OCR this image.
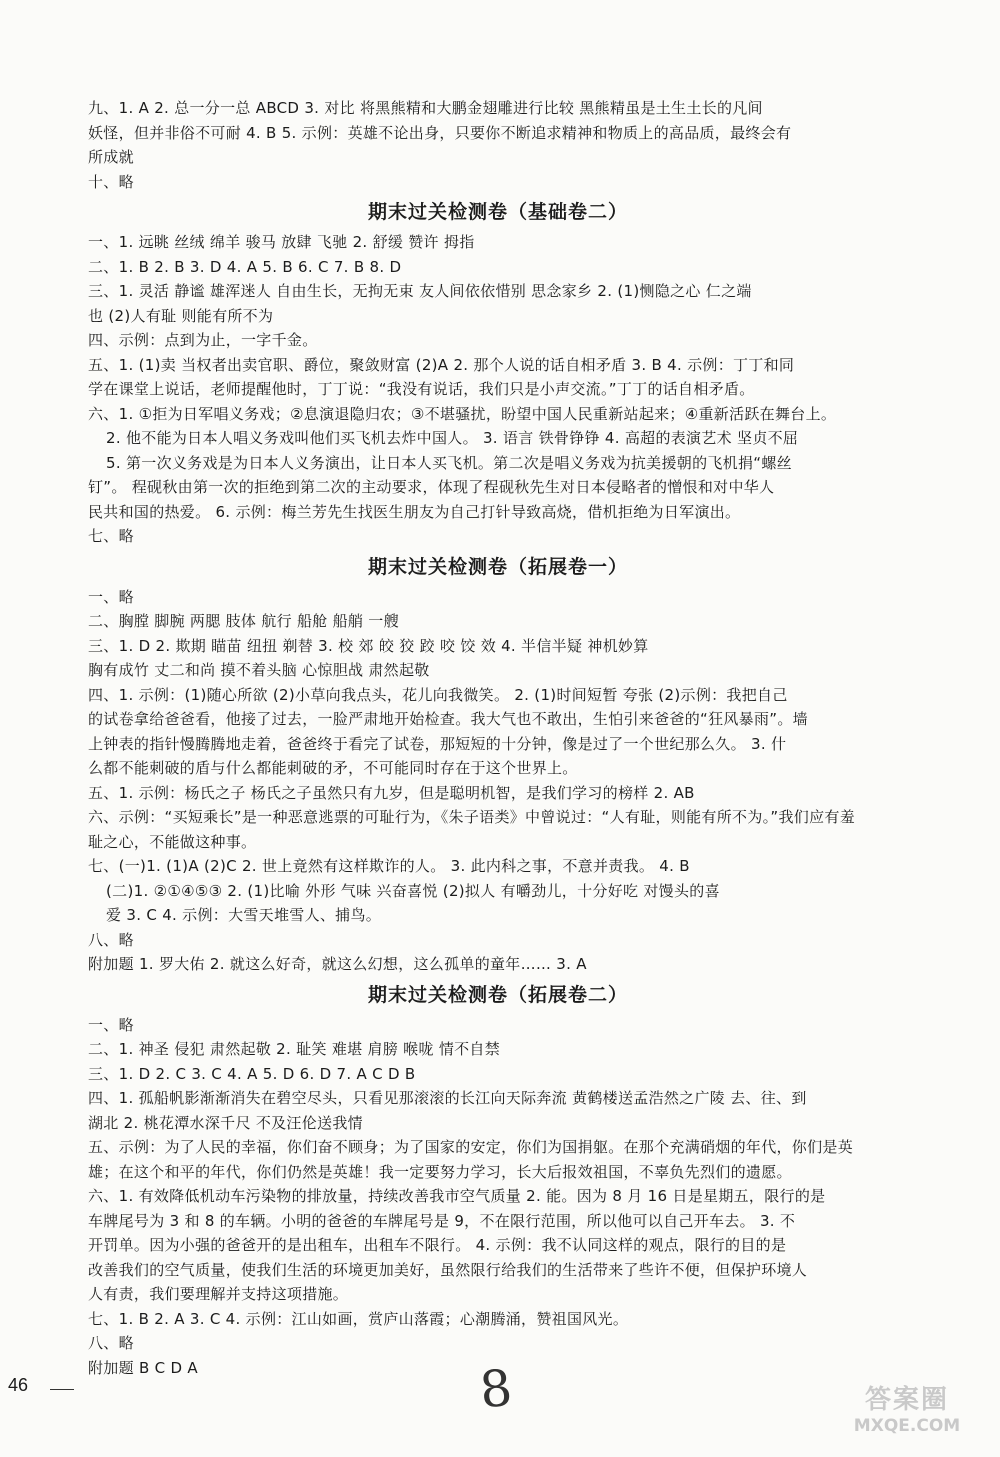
九、1. A 2. 总一分一总 ABCD 3. 对比 将黑熊精和大鹏金翅雕进行比较 黑熊精虽是土生土长的凡间
妖怪，但并非俗不可耐 4. B 5. 示例：英雄不论出身，只要你不断追求精神和物质上的高品质，最终会有
所成就
十、略
期末过关检测卷（基础卷二）
一、1. 远眺 丝绒 绵羊 骏马 放肆 飞驰 2. 舒缓 赞许 拇指
二、1. B 2. B 3. D 4. A 5. B 6. C 7. B 8. D
三、1. 灵活 静谧 雄浑迷人 自由生长，无拘无束 友人间依依惜别 思念家乡 2. (1)恻隐之心 仁之端
也 (2)人有耻 则能有所不为
四、示例：点到为止，一字千金。
五、1. (1)卖 当权者出卖官职、爵位，聚敛财富 (2)A 2. 那个人说的话自相矛盾 3. B 4. 示例：丁丁和同
学在课堂上说话，老师提醒他时，丁丁说：“我没有说话，我们只是小声交流。”丁丁的话自相矛盾。
六、1. ①拒为日军唱义务戏；②息演退隐归农；③不堪骚扰，盼望中国人民重新站起来；④重新活跃在舞台上。
2. 他不能为日本人唱义务戏叫他们买飞机去炸中国人。 3. 语言 铁骨铮铮 4. 高超的表演艺术 坚贞不屈
5. 第一次义务戏是为日本人义务演出，让日本人买飞机。第二次是唱义务戏为抗美援朝的飞机捐“螺丝
钉”。 程砚秋由第一次的拒绝到第二次的主动要求，体现了程砚秋先生对日本侵略者的憎恨和对中华人
民共和国的热爱。 6. 示例：梅兰芳先生找医生朋友为自己打针导致高烧，借机拒绝为日军演出。
七、略
期末过关检测卷（拓展卷一）
一、略
二、胸膛 脚腕 两腮 肢体 航行 船舱 船艄 一艘
三、1. D 2. 欺期 瞄苗 纽扭 剃替 3. 校 郊 皎 狡 跤 咬 饺 效 4. 半信半疑 神机妙算
胸有成竹 丈二和尚 摸不着头脑 心惊胆战 肃然起敬
四、1. 示例：(1)随心所欲 (2)小草向我点头，花儿向我微笑。 2. (1)时间短暂 夸张 (2)示例：我把自己
的试卷拿给爸爸看，他接了过去，一脸严肃地开始检查。我大气也不敢出，生怕引来爸爸的“狂风暴雨”。墙
上钟表的指针慢腾腾地走着，爸爸终于看完了试卷，那短短的十分钟，像是过了一个世纪那么久。 3. 什
么都不能刺破的盾与什么都能刺破的矛，不可能同时存在于这个世界上。
五、1. 示例：杨氏之子 杨氏之子虽然只有九岁，但是聪明机智，是我们学习的榜样 2. AB
六、示例：“买短乘长”是一种恶意逃票的可耻行为，《朱子语类》中曾说过：“人有耻，则能有所不为。”我们应有羞
耻之心，不能做这种事。
七、(一)1. (1)A (2)C 2. 世上竟然有这样欺诈的人。 3. 此内科之事，不意并责我。 4. B
(二)1. ②①④⑤③ 2. (1)比喻 外形 气味 兴奋喜悦 (2)拟人 有嚼劲儿，十分好吃 对馒头的喜
爱 3. C 4. 示例：大雪天堆雪人、捕鸟。
八、略
附加题 1. 罗大佑 2. 就这么好奇，就这么幻想，这么孤单的童年…… 3. A
期末过关检测卷（拓展卷二）
一、略
二、1. 神圣 侵犯 肃然起敬 2. 耻笑 难堪 肩膀 喉咙 情不自禁
三、1. D 2. C 3. C 4. A 5. D 6. D 7. A C D B
四、1. 孤船帆影渐渐消失在碧空尽头，只看见那滚滚的长江向天际奔流 黄鹤楼送孟浩然之广陵 去、往、到
湖北 2. 桃花潭水深千尺 不及汪伦送我情
五、示例：为了人民的幸福，你们奋不顾身；为了国家的安定，你们为国捐躯。在那个充满硝烟的年代，你们是英
雄；在这个和平的年代，你们仍然是英雄！我一定要努力学习，长大后报效祖国，不辜负先烈们的遗愿。
六、1. 有效降低机动车污染物的排放量，持续改善我市空气质量 2. 能。因为 8 月 16 日是星期五，限行的是
车牌尾号为 3 和 8 的车辆。小明的爸爸的车牌尾号是 9，不在限行范围，所以他可以自己开车去。 3. 不
开罚单。因为小强的爸爸开的是出租车，出租车不限行。 4. 示例：我不认同这样的观点，限行的目的是
改善我们的空气质量，使我们生活的环境更加美好，虽然限行给我们的生活带来了些许不便，但保护环境人
人有责，我们要理解并支持这项措施。
七、1. B 2. A 3. C 4. 示例：江山如画，赏庐山落霞；心潮腾涌，赞祖国风光。
八、略
附加题 B C D A
46	8	答案圈
MXQE.COM
